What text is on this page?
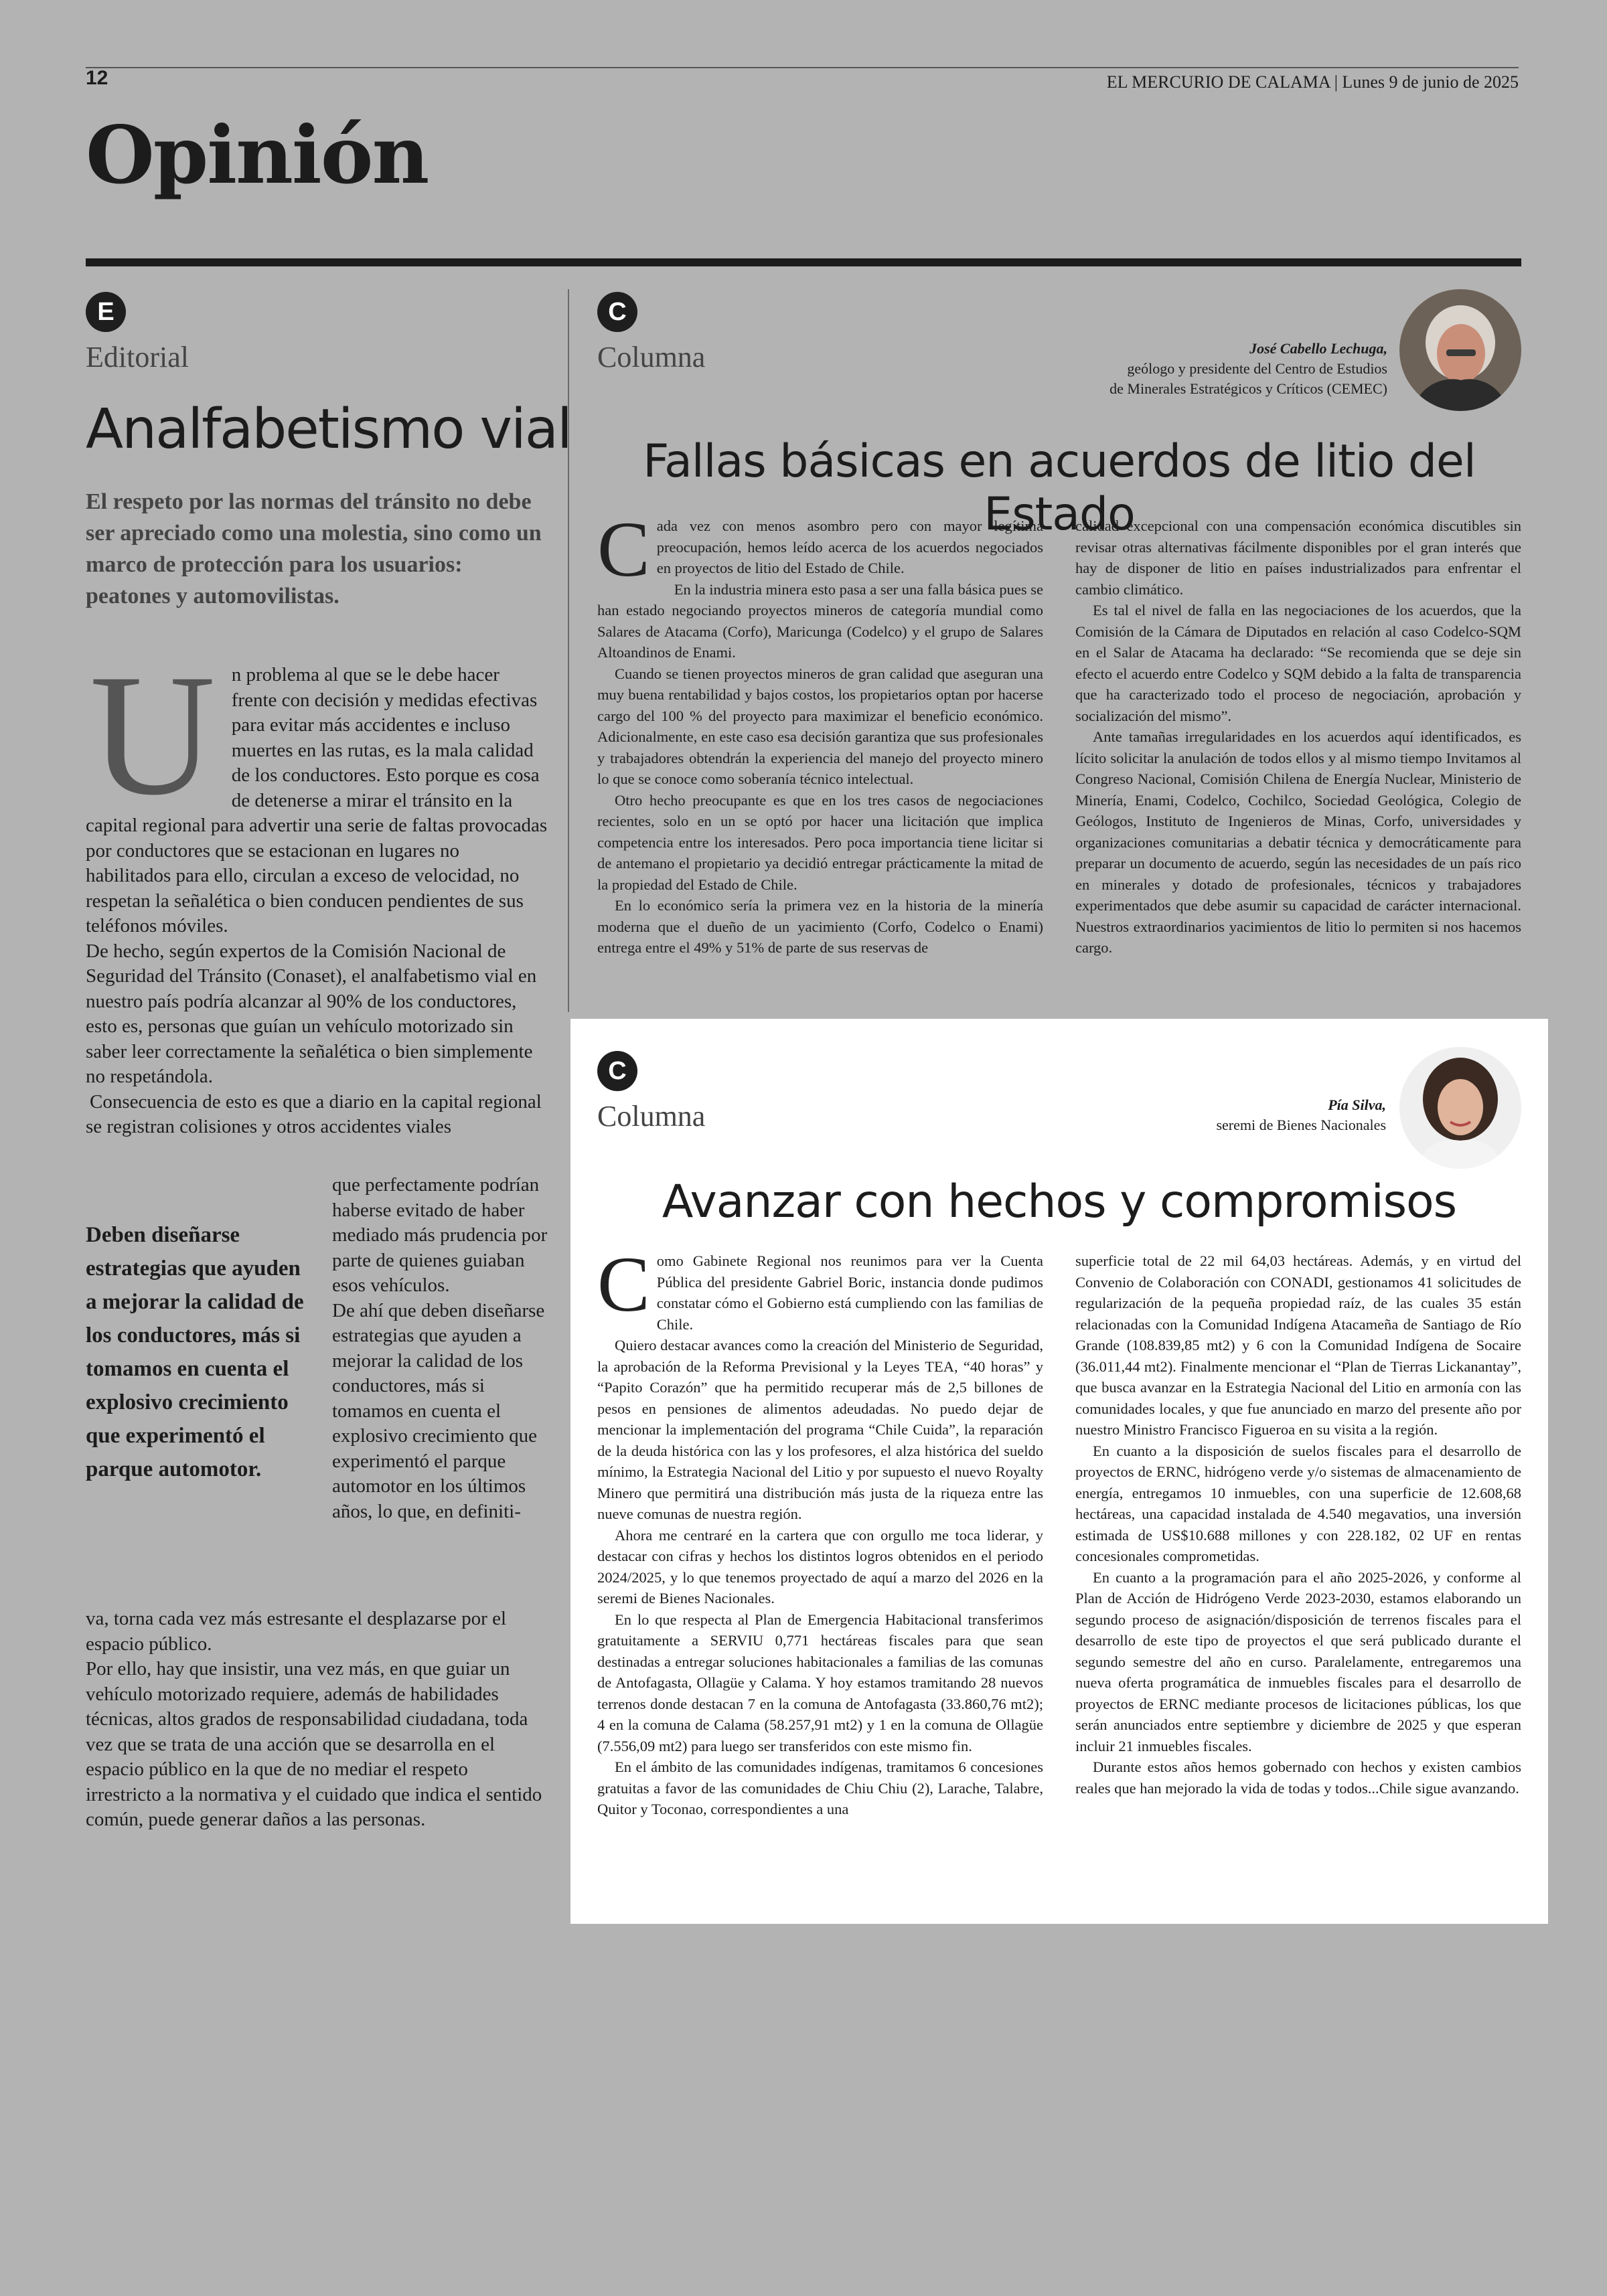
12	EL MERCURIO DE CALAMA | Lunes 9 de junio de 2025
Opinión
E
Editorial
Analfabetismo vial
El respeto por las normas del tránsito no debe ser apreciado como una molestia, sino como un marco de protección para los usuarios: peatones y automovilistas.
U n problema al que se le debe hacer frente con decisión y medidas efectivas para evitar más accidentes e incluso muertes en las rutas, es la mala calidad de los conductores. Esto porque es cosa de detenerse a mirar el tránsito en la capital regional para advertir una serie de faltas provocadas por conductores que se estacionan en lugares no habilitados para ello, circulan a exceso de velocidad, no respetan la señalética o bien conducen pendientes de sus teléfonos móviles.

De hecho, según expertos de la Comisión Nacional de Seguridad del Tránsito (Conaset), el analfabetismo vial en nuestro país podría alcanzar al 90% de los conductores, esto es, personas que guían un vehículo motorizado sin saber leer correctamente la señalética o bien simplemente no respetándola.

Consecuencia de esto es que a diario en la capital regional se registran colisiones y otros accidentes viales

Deben diseñarse estrategias que ayuden a mejorar la calidad de los conductores, más si tomamos en cuenta el explosivo crecimiento que experimentó el parque automotor.

que perfectamente podrían haberse evitado de haber mediado más prudencia por parte de quienes guiaban esos vehículos.

De ahí que deben diseñarse estrategias que ayuden a mejorar la calidad de los conductores, más si tomamos en cuenta el explosivo crecimiento que experimentó el parque automotor en los últimos años, lo que, en definiti-

va, torna cada vez más estresante el desplazarse por el espacio público.

Por ello, hay que insistir, una vez más, en que guiar un vehículo motorizado requiere, además de habilidades técnicas, altos grados de responsabilidad ciudadana, toda vez que se trata de una acción que se desarrolla en el espacio público en la que de no mediar el respeto irrestricto a la normativa y el cuidado que indica el sentido común, puede generar daños a las personas.

C
Columna	José Cabello Lechuga,
geólogo y presidente del Centro de Estudios
de Minerales Estratégicos y Críticos (CEMEC)
Fallas básicas en acuerdos de litio del Estado
C ada vez con menos asombro pero con mayor legítima preocupación, hemos leído acerca de los acuerdos negociados en proyectos de litio del Estado de Chile.

En la industria minera esto pasa a ser una falla básica pues se han estado negociando proyectos mineros de categoría mundial como Salares de Atacama (Corfo), Maricunga (Codelco) y el grupo de Salares Altoandinos de Enami.

Cuando se tienen proyectos mineros de gran calidad que aseguran una muy buena rentabilidad y bajos costos, los propietarios optan por hacerse cargo del 100 % del proyecto para maximizar el beneficio económico. Adicionalmente, en este caso esa decisión garantiza que sus profesionales y trabajadores obtendrán la experiencia del manejo del proyecto minero lo que se conoce como soberanía técnico intelectual.

Otro hecho preocupante es que en los tres casos de negociaciones recientes, solo en un se optó por hacer una licitación que implica competencia entre los interesados. Pero poca importancia tiene licitar si de antemano el propietario ya decidió entregar prácticamente la mitad de la propiedad del Estado de Chile.

En lo económico sería la primera vez en la historia de la minería moderna que el dueño de un yacimiento (Corfo, Codelco o Enami) entrega entre el 49% y 51% de parte de sus reservas de

calidad excepcional con una compensación económica discutibles sin revisar otras alternativas fácilmente disponibles por el gran interés que hay de disponer de litio en países industrializados para enfrentar el cambio climático.

Es tal el nivel de falla en las negociaciones de los acuerdos, que la Comisión de la Cámara de Diputados en relación al caso Codelco-SQM en el Salar de Atacama ha declarado: “Se recomienda que se deje sin efecto el acuerdo entre Codelco y SQM debido a la falta de transparencia que ha caracterizado todo el proceso de negociación, aprobación y socialización del mismo”.

Ante tamañas irregularidades en los acuerdos aquí identificados, es lícito solicitar la anulación de todos ellos y al mismo tiempo Invitamos al Congreso Nacional, Comisión Chilena de Energía Nuclear, Ministerio de Minería, Enami, Codelco, Cochilco, Sociedad Geológica, Colegio de Geólogos, Instituto de Ingenieros de Minas, Corfo, universidades y organizaciones comunitarias a debatir técnica y democráticamente para preparar un documento de acuerdo, según las necesidades de un país rico en minerales y dotado de profesionales, técnicos y trabajadores experimentados que debe asumir su capacidad de carácter internacional. Nuestros extraordinarios yacimientos de litio lo permiten si nos hacemos cargo.

C
Columna	Pía Silva,
seremi de Bienes Nacionales
Avanzar con hechos y compromisos
C omo Gabinete Regional nos reunimos para ver la Cuenta Pública del presidente Gabriel Boric, instancia donde pudimos constatar cómo el Gobierno está cumpliendo con las familias de Chile.

Quiero destacar avances como la creación del Ministerio de Seguridad, la aprobación de la Reforma Previsional y la Leyes TEA, “40 horas” y “Papito Corazón” que ha permitido recuperar más de 2,5 billones de pesos en pensiones de alimentos adeudadas. No puedo dejar de mencionar la implementación del programa “Chile Cuida”, la reparación de la deuda histórica con las y los profesores, el alza histórica del sueldo mínimo, la Estrategia Nacional del Litio y por supuesto el nuevo Royalty Minero que permitirá una distribución más justa de la riqueza entre las nueve comunas de nuestra región.

Ahora me centraré en la cartera que con orgullo me toca liderar, y destacar con cifras y hechos los distintos logros obtenidos en el periodo 2024/2025, y lo que tenemos proyectado de aquí a marzo del 2026 en la seremi de Bienes Nacionales.

En lo que respecta al Plan de Emergencia Habitacional transferimos gratuitamente a SERVIU 0,771 hectáreas fiscales para que sean destinadas a entregar soluciones habitacionales a familias de las comunas de Antofagasta, Ollagüe y Calama. Y hoy estamos tramitando 28 nuevos terrenos donde destacan 7 en la comuna de Antofagasta (33.860,76 mt2); 4 en la comuna de Calama (58.257,91 mt2) y 1 en la comuna de Ollagüe (7.556,09 mt2) para luego ser transferidos con este mismo fin.

En el ámbito de las comunidades indígenas, tramitamos 6 concesiones gratuitas a favor de las comunidades de Chiu Chiu (2), Larache, Talabre, Quitor y Toconao, correspondientes a una

superficie total de 22 mil 64,03 hectáreas. Además, y en virtud del Convenio de Colaboración con CONADI, gestionamos 41 solicitudes de regularización de la pequeña propiedad raíz, de las cuales 35 están relacionadas con la Comunidad Indígena Atacameña de Santiago de Río Grande (108.839,85 mt2) y 6 con la Comunidad Indígena de Socaire (36.011,44 mt2). Finalmente mencionar el “Plan de Tierras Lickanantay”, que busca avanzar en la Estrategia Nacional del Litio en armonía con las comunidades locales, y que fue anunciado en marzo del presente año por nuestro Ministro Francisco Figueroa en su visita a la región.

En cuanto a la disposición de suelos fiscales para el desarrollo de proyectos de ERNC, hidrógeno verde y/o sistemas de almacenamiento de energía, entregamos 10 inmuebles, con una superficie de 12.608,68 hectáreas, una capacidad instalada de 4.540 megavatios, una inversión estimada de US$10.688 millones y con 228.182, 02 UF en rentas concesionales comprometidas.

En cuanto a la programación para el año 2025-2026, y conforme al Plan de Acción de Hidrógeno Verde 2023-2030, estamos elaborando un segundo proceso de asignación/disposición de terrenos fiscales para el desarrollo de este tipo de proyectos el que será publicado durante el segundo semestre del año en curso. Paralelamente, entregaremos una nueva oferta programática de inmuebles fiscales para el desarrollo de proyectos de ERNC mediante procesos de licitaciones públicas, los que serán anunciados entre septiembre y diciembre de 2025 y que esperan incluir 21 inmuebles fiscales.

Durante estos años hemos gobernado con hechos y existen cambios reales que han mejorado la vida de todas y todos...Chile sigue avanzando.
